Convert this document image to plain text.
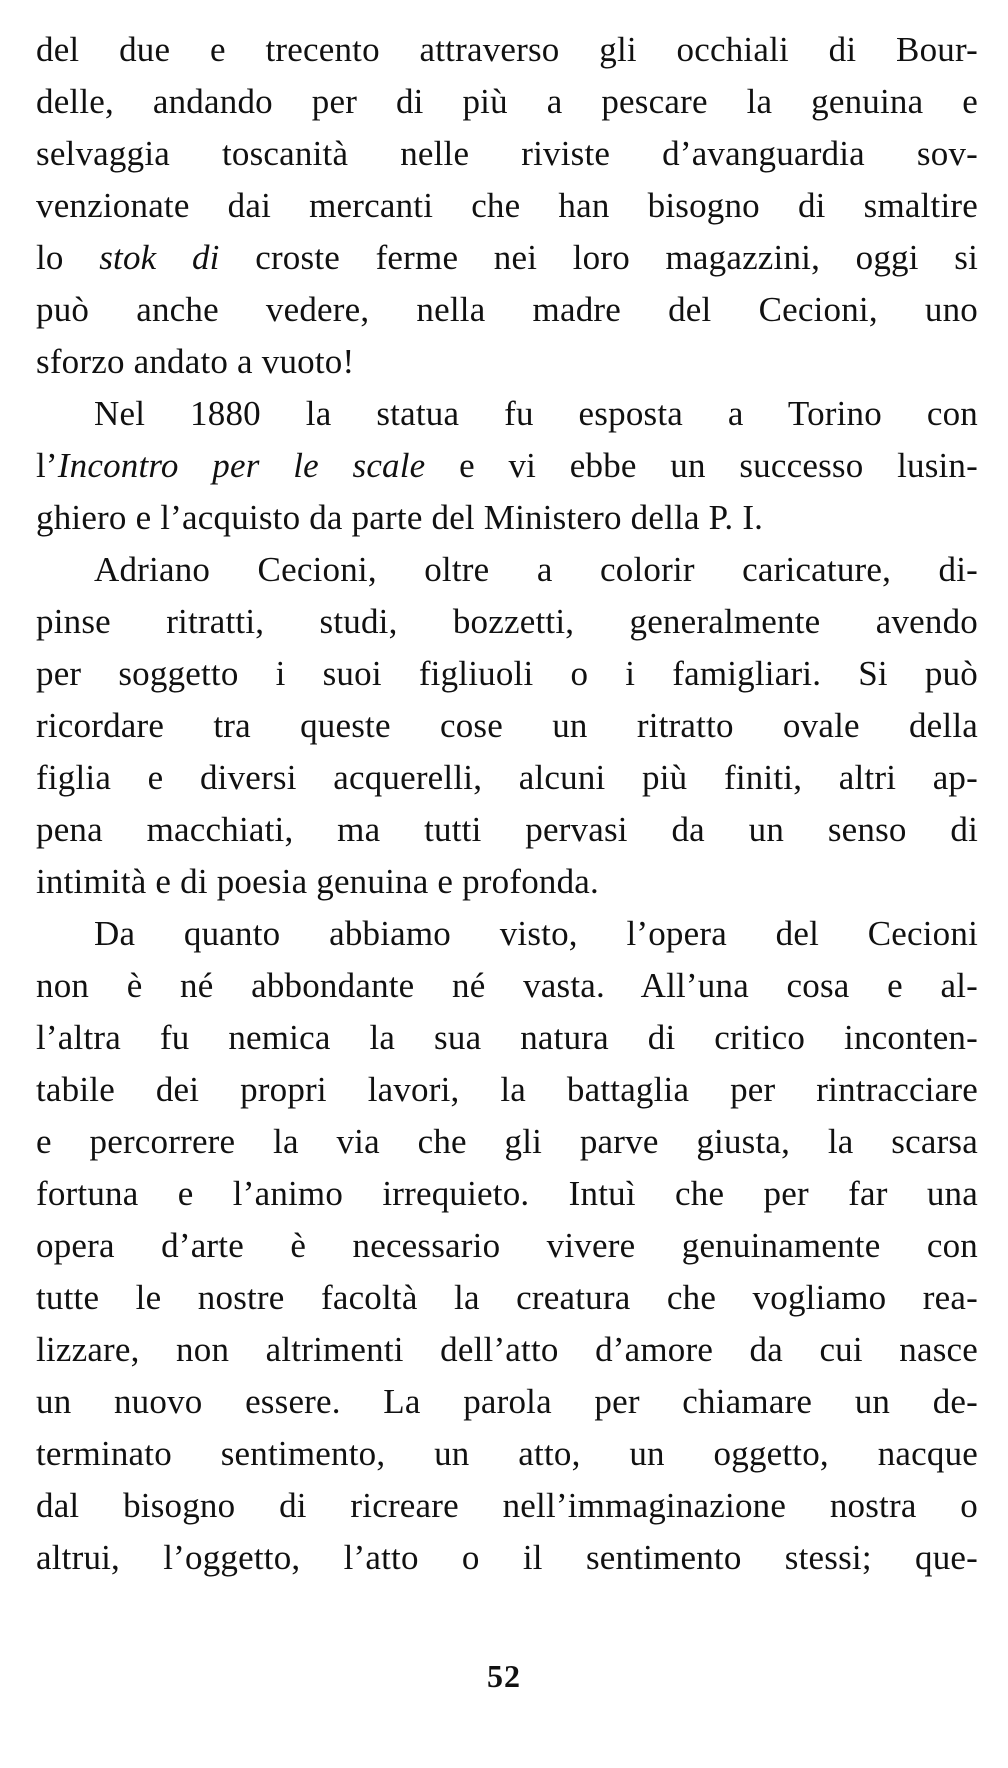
del due e trecento attraverso gli occhiali di Bour-
delle, andando per di più a pescare la genuina e
selvaggia toscanità nelle riviste d’avanguardia sov-
venzionate dai mercanti che han bisogno di smaltire
lo stok di croste ferme nei loro magazzini, oggi si
può anche vedere, nella madre del Cecioni, uno
sforzo andato a vuoto!
Nel 1880 la statua fu esposta a Torino con
l’Incontro per le scale e vi ebbe un successo lusin-
ghiero e l’acquisto da parte del Ministero della P. I.
Adriano Cecioni, oltre a colorir caricature, di-
pinse ritratti, studi, bozzetti, generalmente avendo
per soggetto i suoi figliuoli o i famigliari. Si può
ricordare tra queste cose un ritratto ovale della
figlia e diversi acquerelli, alcuni più finiti, altri ap-
pena macchiati, ma tutti pervasi da un senso di
intimità e di poesia genuina e profonda.
Da quanto abbiamo visto, l’opera del Cecioni
non è né abbondante né vasta. All’una cosa e al-
l’altra fu nemica la sua natura di critico inconten-
tabile dei propri lavori, la battaglia per rintracciare
e percorrere la via che gli parve giusta, la scarsa
fortuna e l’animo irrequieto. Intuì che per far una
opera d’arte è necessario vivere genuinamente con
tutte le nostre facoltà la creatura che vogliamo rea-
lizzare, non altrimenti dell’atto d’amore da cui nasce
un nuovo essere. La parola per chiamare un de-
terminato sentimento, un atto, un oggetto, nacque
dal bisogno di ricreare nell’immaginazione nostra o
altrui, l’oggetto, l’atto o il sentimento stessi; que-
52
